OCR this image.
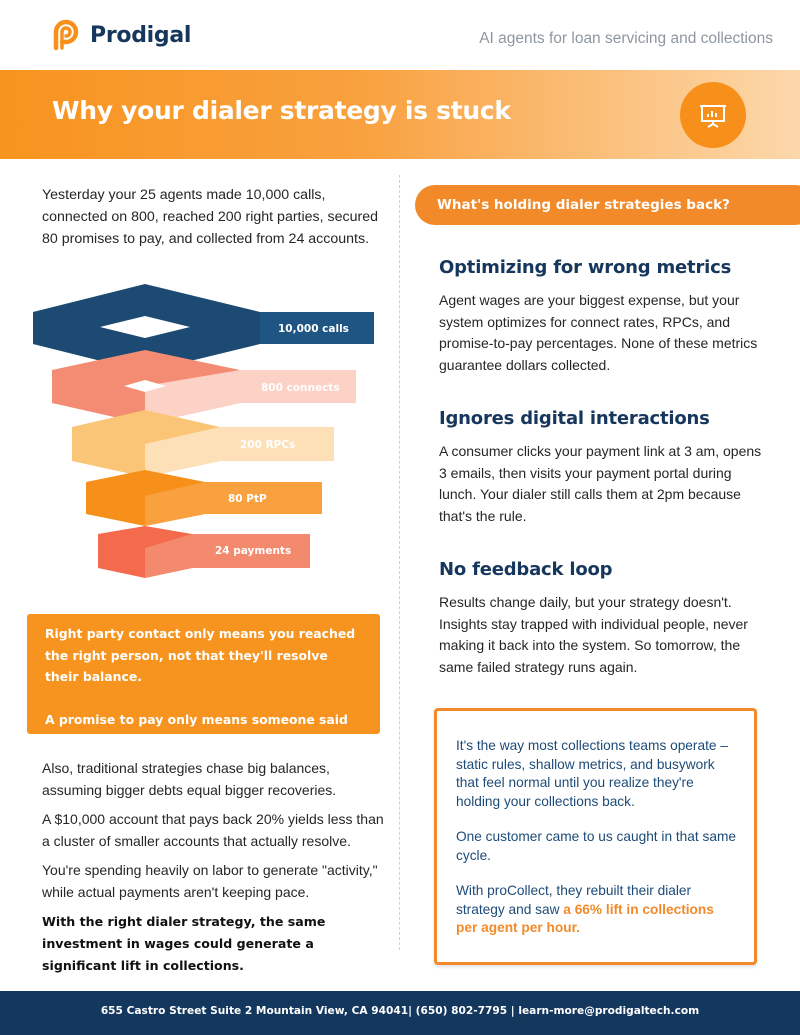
Prodigal	AI agents for loan servicing and collections
Why your dialer strategy is stuck
Yesterday your 25 agents made 10,000 calls, connected on 800, reached 200 right parties, secured 80 promises to pay, and collected from 24 accounts.
10,000 calls
800 connects
200 RPCs
80 PtP
24 payments

Right party contact only means you reached the right person, not that they'll resolve their balance.

A promise to pay only means someone said they would, not that they actually will.

Also, traditional strategies chase big balances, assuming bigger debts equal bigger recoveries.

A $10,000 account that pays back 20% yields less than a cluster of smaller accounts that actually resolve.

You're spending heavily on labor to generate "activity," while actual payments aren't keeping pace.

With the right dialer strategy, the same investment in wages could generate a significant lift in collections.

What's holding dialer strategies back?
Optimizing for wrong metrics

Agent wages are your biggest expense, but your system optimizes for connect rates, RPCs, and promise-to-pay percentages. None of these metrics guarantee dollars collected.

Ignores digital interactions

A consumer clicks your payment link at 3 am, opens 3 emails, then visits your payment portal during lunch. Your dialer still calls them at 2pm because that's the rule.

No feedback loop

Results change daily, but your strategy doesn't. Insights stay trapped with individual people, never making it back into the system. So tomorrow, the same failed strategy runs again.

It's the way most collections teams operate – static rules, shallow metrics, and busywork that feel normal until you realize they're holding your collections back.

One customer came to us caught in that same cycle.

With proCollect, they rebuilt their dialer strategy and saw a 66% lift in collections per agent per hour.

655 Castro Street Suite 2 Mountain View, CA 94041| (650) 802-7795 | learn-more@prodigaltech.com
